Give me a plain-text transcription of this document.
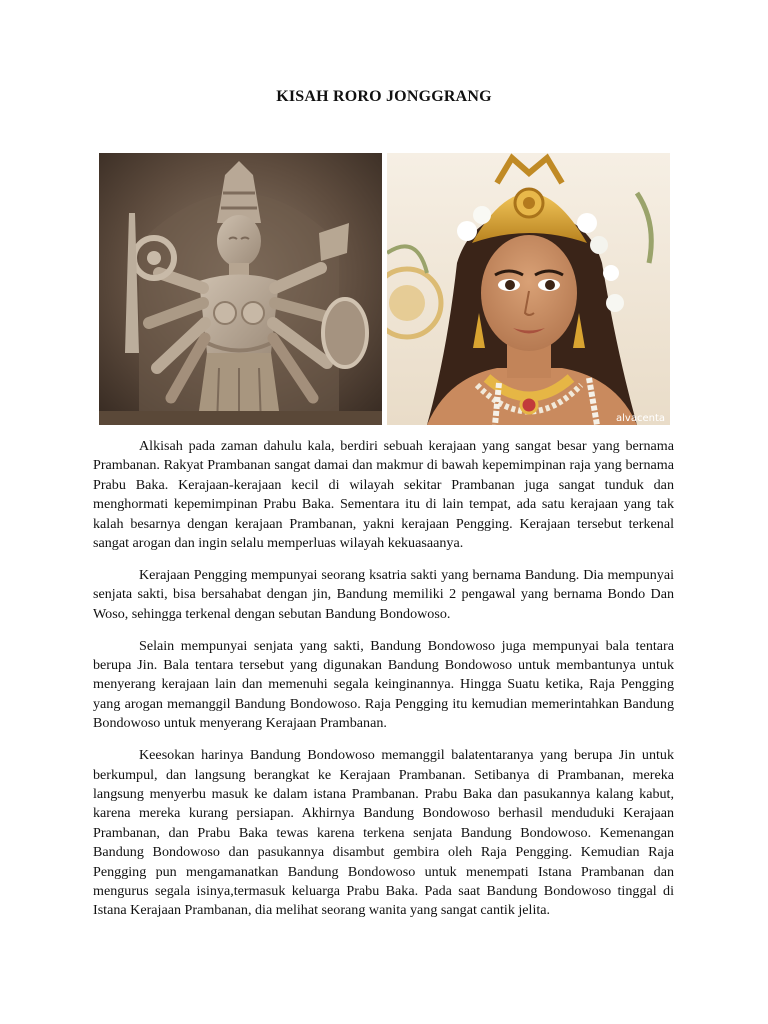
KISAH RORO JONGGRANG
alvacenta

Alkisah pada zaman dahulu kala, berdiri sebuah kerajaan yang sangat besar yang bernama Prambanan. Rakyat Prambanan sangat damai dan makmur di bawah kepemimpinan raja yang bernama Prabu Baka. Kerajaan-kerajaan kecil di wilayah sekitar Prambanan juga sangat tunduk dan menghormati kepemimpinan Prabu Baka. Sementara itu di lain tempat, ada satu kerajaan yang tak kalah besarnya dengan kerajaan Prambanan, yakni kerajaan Pengging. Kerajaan tersebut terkenal sangat arogan dan ingin selalu memperluas wilayah kekuasaanya.

Kerajaan Pengging mempunyai seorang ksatria sakti yang bernama Bandung. Dia mempunyai senjata sakti, bisa bersahabat dengan jin, Bandung memiliki 2 pengawal yang bernama Bondo Dan Woso, sehingga terkenal dengan sebutan Bandung Bondowoso.

Selain mempunyai senjata yang sakti, Bandung Bondowoso juga mempunyai bala tentara berupa Jin. Bala tentara tersebut yang digunakan Bandung Bondowoso untuk membantunya untuk menyerang kerajaan lain dan memenuhi segala keinginannya. Hingga Suatu ketika, Raja Pengging yang arogan memanggil Bandung Bondowoso. Raja Pengging itu kemudian memerintahkan Bandung Bondowoso untuk menyerang Kerajaan Prambanan.

Keesokan harinya Bandung Bondowoso memanggil balatentaranya yang berupa Jin untuk berkumpul, dan langsung berangkat ke Kerajaan Prambanan. Setibanya di Prambanan, mereka langsung menyerbu masuk ke dalam istana Prambanan. Prabu Baka dan pasukannya kalang kabut, karena mereka kurang persiapan. Akhirnya Bandung Bondowoso berhasil menduduki Kerajaan Prambanan, dan Prabu Baka tewas karena terkena senjata Bandung Bondowoso. Kemenangan Bandung Bondowoso dan pasukannya disambut gembira oleh Raja Pengging. Kemudian Raja Pengging pun mengamanatkan Bandung Bondowoso untuk menempati Istana Prambanan dan mengurus segala isinya,termasuk keluarga Prabu Baka. Pada saat Bandung Bondowoso tinggal di Istana Kerajaan Prambanan, dia melihat seorang wanita yang sangat cantik jelita.
